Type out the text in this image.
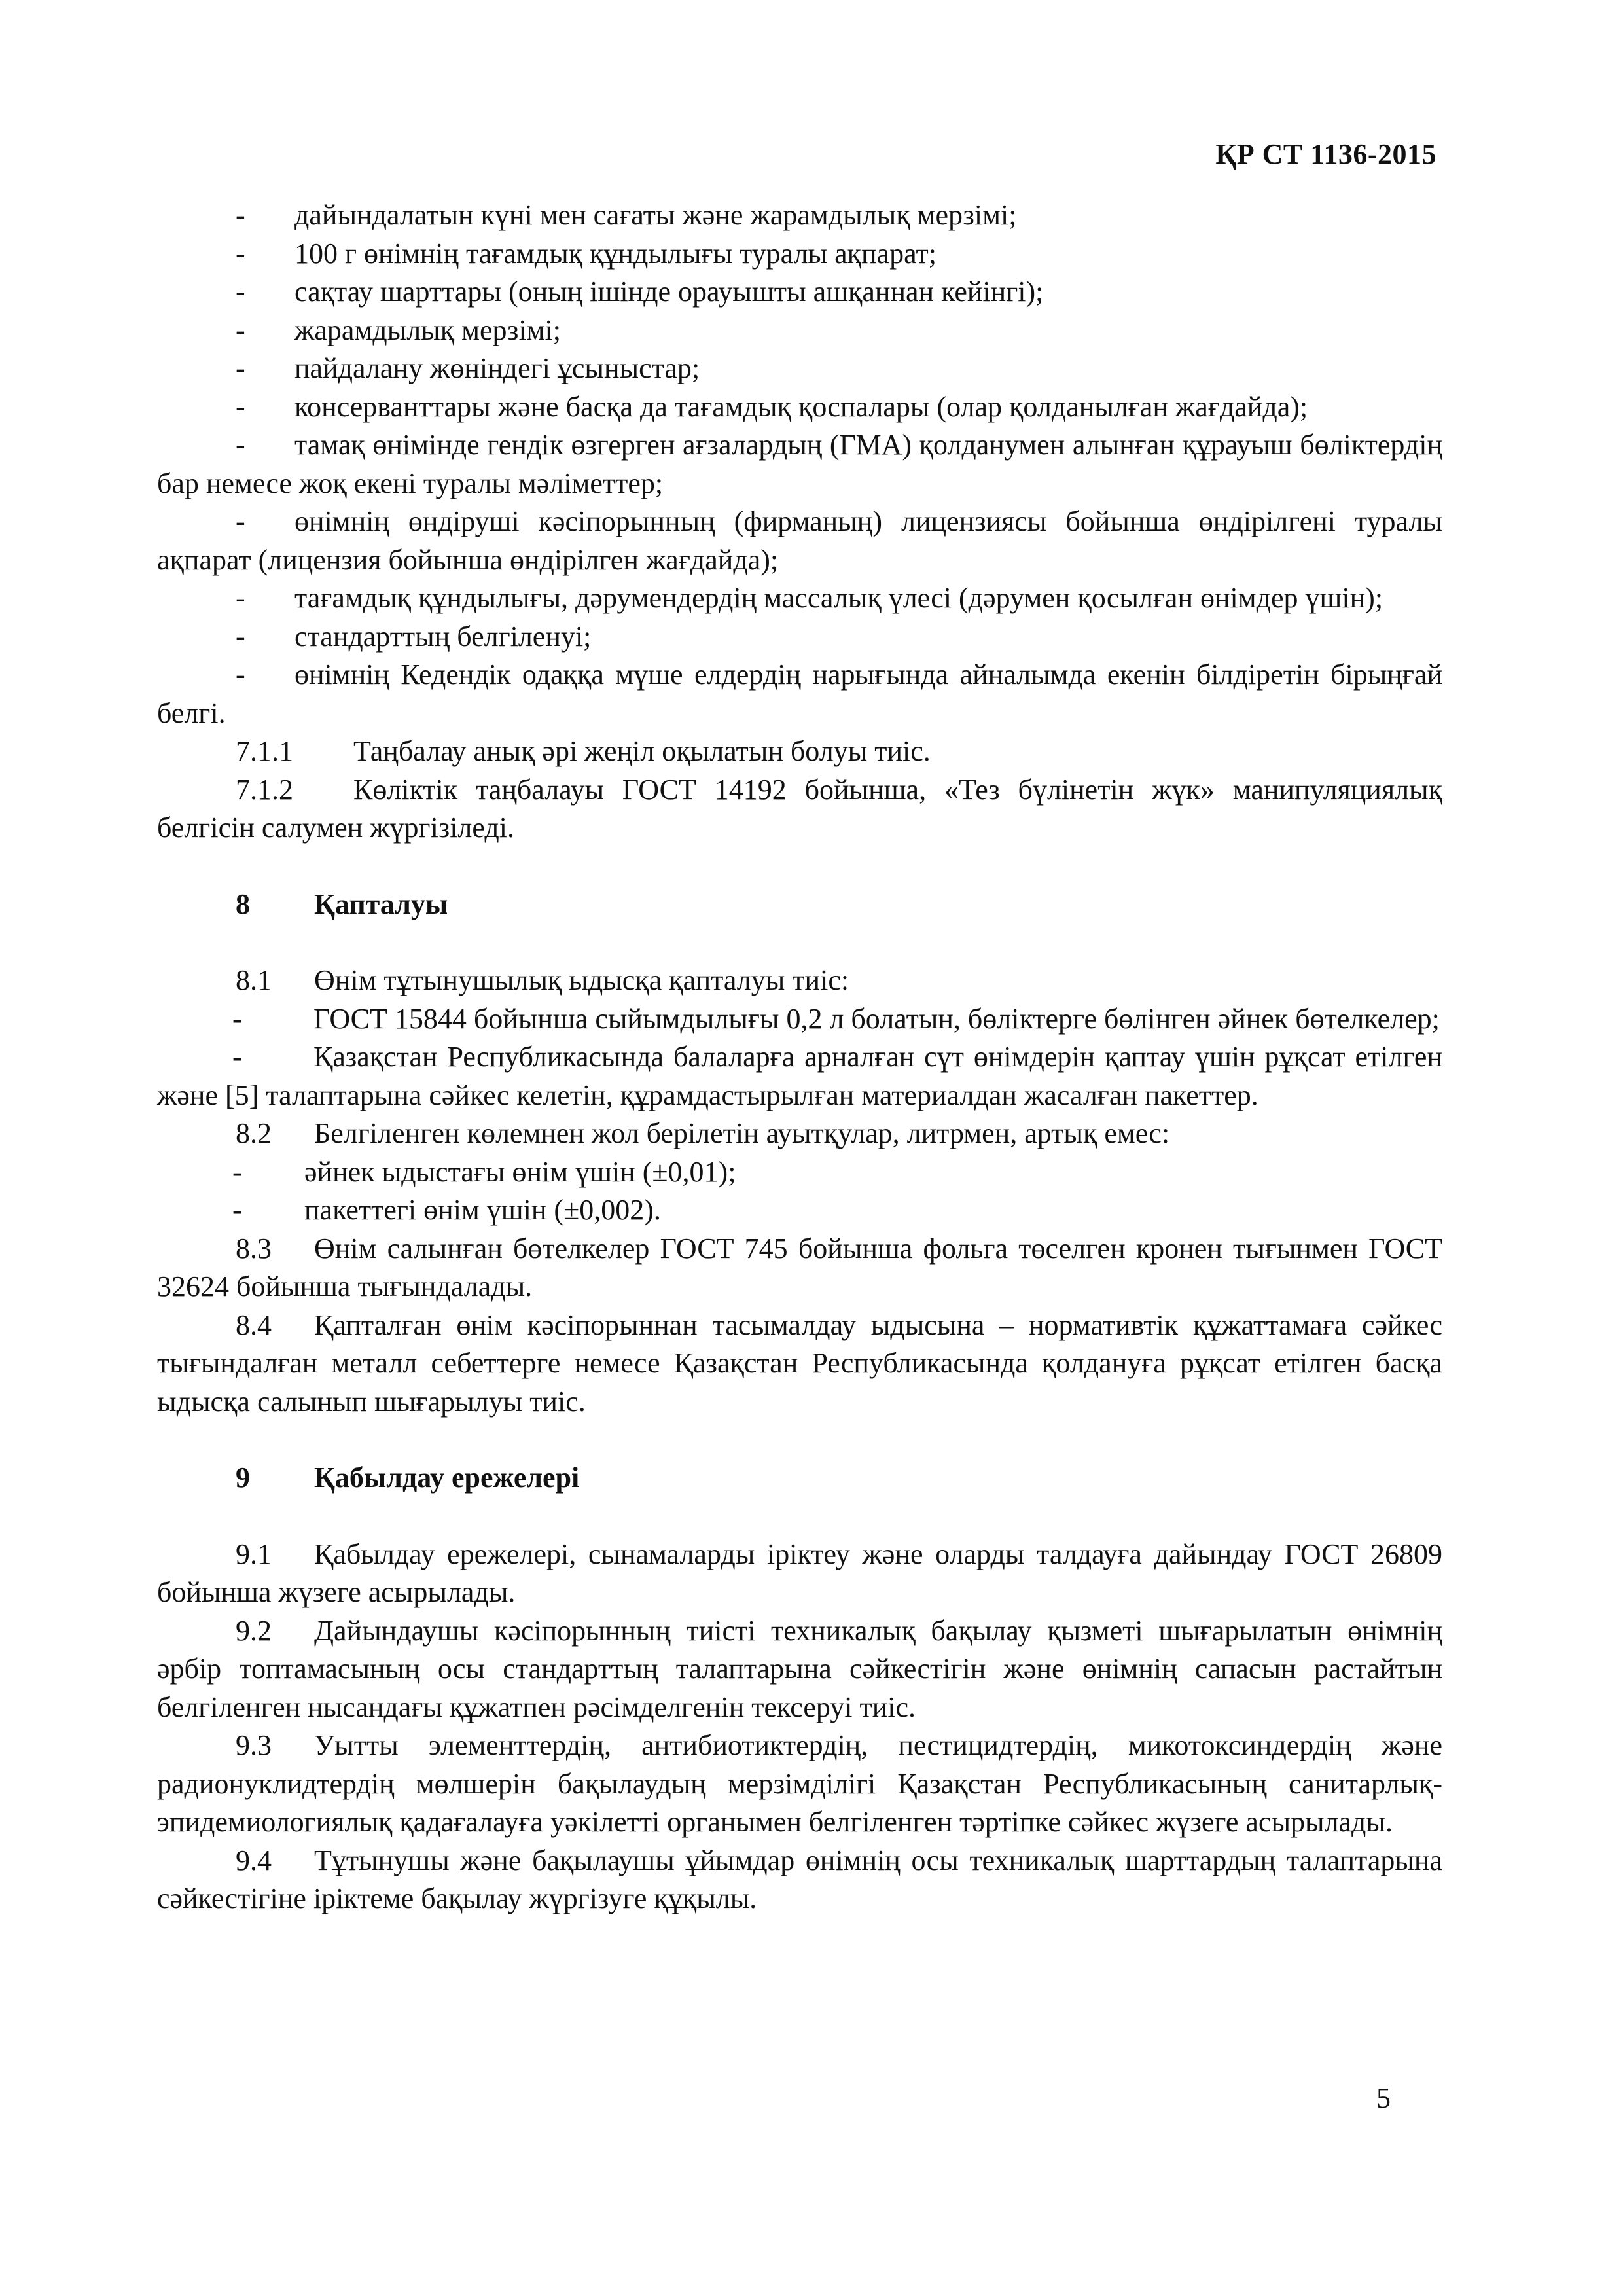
ҚР СТ 1136-2015

- дайындалатын күні мен сағаты және жарамдылық мерзімі;

- 100 г өнімнің тағамдық құндылығы туралы ақпарат;

- сақтау шарттары (оның ішінде орауышты ашқаннан кейінгі);

- жарамдылық мерзімі;

- пайдалану жөніндегі ұсыныстар;

- консерванттары және басқа да тағамдық қоспалары (олар қолданылған жағдайда);

- тамақ өнімінде гендік өзгерген ағзалардың (ГМА) қолданумен алынған құрауыш бөліктердің бар немесе жоқ екені туралы мәліметтер;

- өнімнің өндіруші кәсіпорынның (фирманың) лицензиясы бойынша өндірілгені туралы ақпарат (лицензия бойынша өндірілген жағдайда);

- тағамдық құндылығы, дәрумендердің массалық үлесі (дәрумен қосылған өнімдер үшін);

- стандарттың белгіленуі;

- өнімнің Кедендік одаққа мүше елдердің нарығында айналымда екенін білдіретін бірыңғай белгі.

7.1.1 Таңбалау анық әрі жеңіл оқылатын болуы тиіс.

7.1.2 Көліктік таңбалауы ГОСТ 14192 бойынша, «Тез бүлінетін жүк» манипуляциялық белгісін салумен жүргізіледі.

8 Қапталуы

8.1 Өнім тұтынушылық ыдысқа қапталуы тиіс:

- ГОСТ 15844 бойынша сыйымдылығы 0,2 л болатын, бөліктерге бөлінген әйнек бөтелкелер;

- Қазақстан Республикасында балаларға арналған сүт өнімдерін қаптау үшін рұқсат етілген және [5] талаптарына сәйкес келетін, құрамдастырылған материалдан жасалған пакеттер.

8.2 Белгіленген көлемнен жол берілетін ауытқулар, литрмен, артық емес:

- әйнек ыдыстағы өнім үшін (±0,01);

- пакеттегі өнім үшін (±0,002).

8.3 Өнім салынған бөтелкелер ГОСТ 745 бойынша фольга төселген кронен тығынмен ГОСТ 32624 бойынша тығындалады.

8.4 Қапталған өнім кәсіпорыннан тасымалдау ыдысына – нормативтік құжаттамаға сәйкес тығындалған металл себеттерге немесе Қазақстан Республикасында қолдануға рұқсат етілген басқа ыдысқа салынып шығарылуы тиіс.

9 Қабылдау ережелері

9.1 Қабылдау ережелері, сынамаларды іріктеу және оларды талдауға дайындау ГОСТ 26809 бойынша жүзеге асырылады.

9.2 Дайындаушы кәсіпорынның тиісті техникалық бақылау қызметі шығарылатын өнімнің әрбір топтамасының осы стандарттың талаптарына сәйкестігін және өнімнің сапасын растайтын белгіленген нысандағы құжатпен рәсімделгенін тексеруі тиіс.

9.3 Уытты элементтердің, антибиотиктердің, пестицидтердің, микотоксиндердің және радионуклидтердің мөлшерін бақылаудың мерзімділігі Қазақстан Республикасының санитарлық-эпидемиологиялық қадағалауға уәкілетті органымен белгіленген тәртіпке сәйкес жүзеге асырылады.

9.4 Тұтынушы және бақылаушы ұйымдар өнімнің осы техникалық шарттардың талаптарына сәйкестігіне іріктеме бақылау жүргізуге құқылы.

5
